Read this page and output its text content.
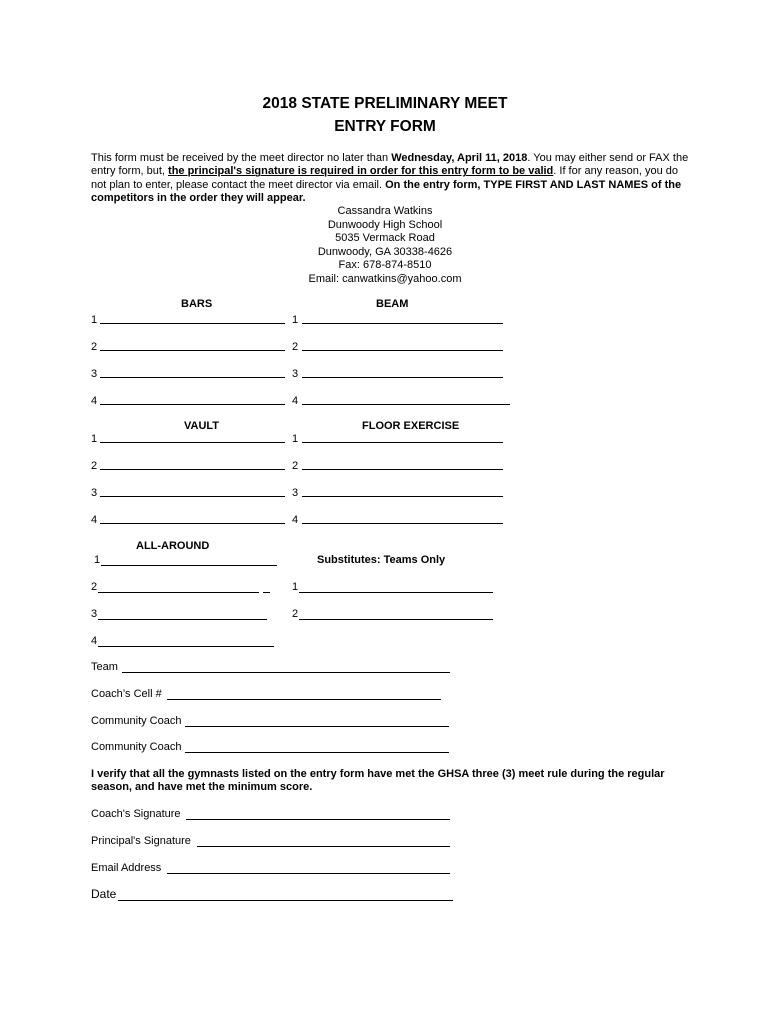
2018 STATE PRELIMINARY MEET
ENTRY FORM
This form must be received by the meet director no later than Wednesday, April 11, 2018. You may either send or FAX the entry form, but, the principal's signature is required in order for this entry form to be valid. If for any reason, you do not plan to enter, please contact the meet director via email. On the entry form, TYPE FIRST AND LAST NAMES of the competitors in the order they will appear.
Cassandra Watkins
Dunwoody High School
5035 Vermack Road
Dunwoody, GA 30338-4626
Fax: 678-874-8510
Email: canwatkins@yahoo.com
BARS	BEAM
1	1
2	2
3	3
4	4
VAULT	FLOOR EXERCISE
1	1
2	2
3	3
4	4
ALL-AROUND
Substitutes: Teams Only
1
2	1
3	2
4
Team
Coach’s Cell #
Community Coach
Community Coach
I verify that all the gymnasts listed on the entry form have met the GHSA three (3) meet rule during the regular season, and have met the minimum score.
Coach's Signature
Principal's Signature
Email Address
Date
